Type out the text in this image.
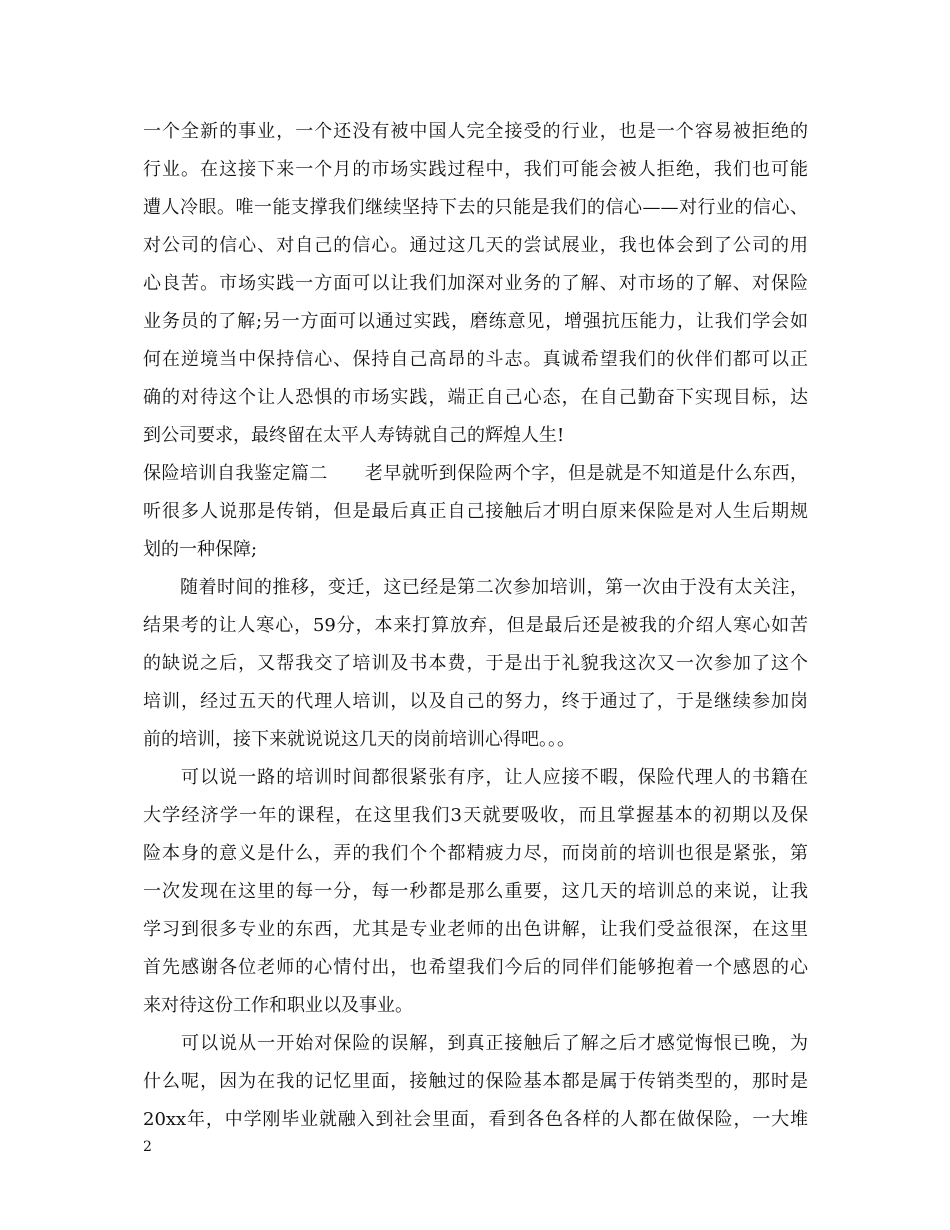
一个全新的事业，一个还没有被中国人完全接受的行业，也是一个容易被拒绝的
行业。在这接下来一个月的市场实践过程中，我们可能会被人拒绝，我们也可能
遭人冷眼。唯一能支撑我们继续坚持下去的只能是我们的信心——对行业的信心、
对公司的信心、对自己的信心。通过这几天的尝试展业，我也体会到了公司的用
心良苦。市场实践一方面可以让我们加深对业务的了解、对市场的了解、对保险
业务员的了解;另一方面可以通过实践，磨练意见，增强抗压能力，让我们学会如
何在逆境当中保持信心、保持自己高昂的斗志。真诚希望我们的伙伴们都可以正
确的对待这个让人恐惧的市场实践，端正自己心态，在自己勤奋下实现目标，达
到公司要求，最终留在太平人寿铸就自己的辉煌人生!
保险培训自我鉴定篇二　　老早就听到保险两个字，但是就是不知道是什么东西，
听很多人说那是传销，但是最后真正自己接触后才明白原来保险是对人生后期规
划的一种保障;
　　随着时间的推移，变迁，这已经是第二次参加培训，第一次由于没有太关注，
结果考的让人寒心，59分，本来打算放弃，但是最后还是被我的介绍人寒心如苦
的缺说之后，又帮我交了培训及书本费，于是出于礼貌我这次又一次参加了这个
培训，经过五天的代理人培训，以及自己的努力，终于通过了，于是继续参加岗
前的培训，接下来就说说这几天的岗前培训心得吧。。。
　　可以说一路的培训时间都很紧张有序，让人应接不暇，保险代理人的书籍在
大学经济学一年的课程，在这里我们3天就要吸收，而且掌握基本的初期以及保
险本身的意义是什么，弄的我们个个都精疲力尽，而岗前的培训也很是紧张，第
一次发现在这里的每一分，每一秒都是那么重要，这几天的培训总的来说，让我
学习到很多专业的东西，尤其是专业老师的出色讲解，让我们受益很深，在这里
首先感谢各位老师的心情付出，也希望我们今后的同伴们能够抱着一个感恩的心
来对待这份工作和职业以及事业。
　　可以说从一开始对保险的误解，到真正接触后了解之后才感觉悔恨已晚，为
什么呢，因为在我的记忆里面，接触过的保险基本都是属于传销类型的，那时是
20xx年，中学刚毕业就融入到社会里面，看到各色各样的人都在做保险，一大堆
2
